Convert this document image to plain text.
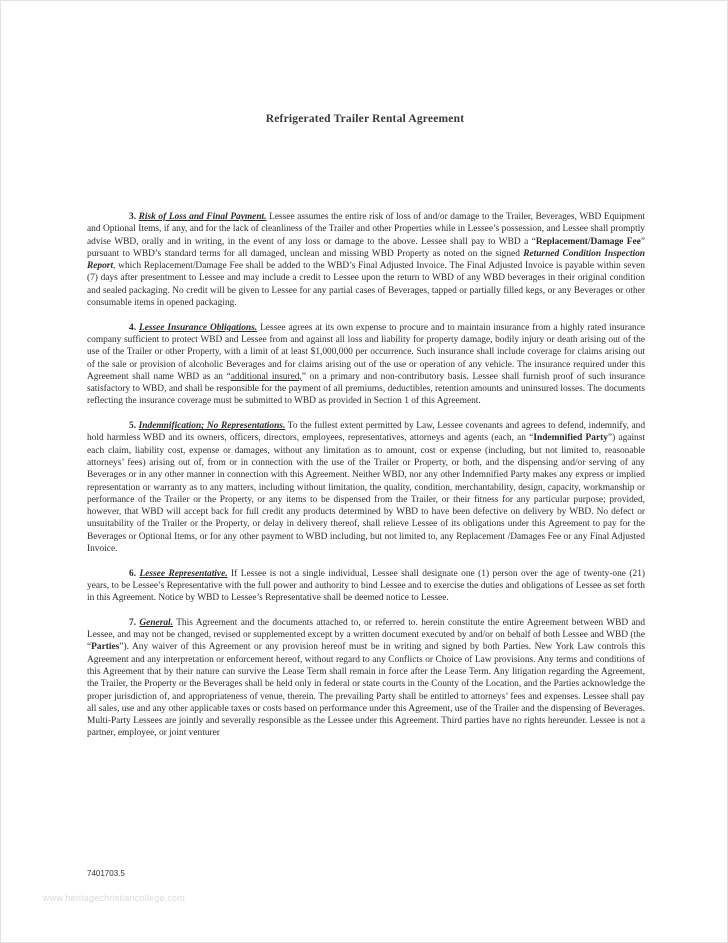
Refrigerated Trailer Rental Agreement

3. Risk of Loss and Final Payment. Lessee assumes the entire risk of loss of and/or damage to the Trailer, Beverages, WBD Equipment and Optional Items, if any, and for the lack of cleanliness of the Trailer and other Properties while in Lessee’s possession, and Lessee shall promptly advise WBD, orally and in writing, in the event of any loss or damage to the above. Lessee shall pay to WBD a “Replacement/Damage Fee” pursuant to WBD’s standard terms for all damaged, unclean and missing WBD Property as noted on the signed Returned Condition Inspection Report, which Replacement/Damage Fee shall be added to the WBD’s Final Adjusted Invoice. The Final Adjusted Invoice is payable within seven (7) days after presentment to Lessee and may include a credit to Lessee upon the return to WBD of any WBD beverages in their original condition and sealed packaging. No credit will be given to Lessee for any partial cases of Beverages, tapped or partially filled kegs, or any Beverages or other consumable items in opened packaging.

4. Lessee Insurance Obligations. Lessee agrees at its own expense to procure and to maintain insurance from a highly rated insurance company sufficient to protect WBD and Lessee from and against all loss and liability for property damage, bodily injury or death arising out of the use of the Trailer or other Property, with a limit of at least $1,000,000 per occurrence. Such insurance shall include coverage for claims arising out of the sale or provision of alcoholic Beverages and for claims arising out of the use or operation of any vehicle. The insurance required under this Agreement shall name WBD as an “additional insured,” on a primary and non-contributory basis. Lessee shall furnish proof of such insurance satisfactory to WBD, and shall be responsible for the payment of all premiums, deductibles, retention amounts and uninsured losses. The documents reflecting the insurance coverage must be submitted to WBD as provided in Section 1 of this Agreement.

5. Indemnification; No Representations. To the fullest extent permitted by Law, Lessee covenants and agrees to defend, indemnify, and hold harmless WBD and its owners, officers, directors, employees, representatives, attorneys and agents (each, an “Indemnified Party”) against each claim, liability cost, expense or damages, without any limitation as to amount, cost or expense (including, but not limited to, reasonable attorneys’ fees) arising out of, from or in connection with the use of the Trailer or Property, or both, and the dispensing and/or serving of any Beverages or in any other manner in connection with this Agreement. Neither WBD, nor any other Indemnified Party makes any express or implied representation or warranty as to any matters, including without limitation, the quality, condition, merchantability, design, capacity, workmanship or performance of the Trailer or the Property, or any items to be dispensed from the Trailer, or their fitness for any particular purpose; provided, however, that WBD will accept back for full credit any products determined by WBD to have been defective on delivery by WBD. No defect or unsuitability of the Trailer or the Property, or delay in delivery thereof, shall relieve Lessee of its obligations under this Agreement to pay for the Beverages or Optional Items, or for any other payment to WBD including, but not limited to, any Replacement /Damages Fee or any Final Adjusted Invoice.

6. Lessee Representative. If Lessee is not a single individual, Lessee shall designate one (1) person over the age of twenty-one (21) years, to be Lessee’s Representative with the full power and authority to bind Lessee and to exercise the duties and obligations of Lessee as set forth in this Agreement. Notice by WBD to Lessee’s Representative shall be deemed notice to Lessee.

7. General. This Agreement and the documents attached to, or referred to. herein constitute the entire Agreement between WBD and Lessee, and may not be changed, revised or supplemented except by a written document executed by and/or on behalf of both Lessee and WBD (the “Parties”). Any waiver of this Agreement or any provision hereof must be in writing and signed by both Parties. New York Law controls this Agreement and any interpretation or enforcement hereof, without regard to any Conflicts or Choice of Law provisions. Any terms and conditions of this Agreement that by their nature can survive the Lease Term shall remain in force after the Lease Term. Any litigation regarding the Agreement, the Trailer, the Property or the Beverages shall be held only in federal or state courts in the County of the Location, and the Parties acknowledge the proper jurisdiction of, and appropriateness of venue, therein. The prevailing Party shall be entitled to attorneys’ fees and expenses. Lessee shall pay all sales, use and any other applicable taxes or costs based on performance under this Agreement, use of the Trailer and the dispensing of Beverages. Multi-Party Lessees are jointly and severally responsible as the Lessee under this Agreement. Third parties have no rights hereunder. Lessee is not a partner, employee, or joint venturer

7401703.5
www.heritagechristiancollege.com
